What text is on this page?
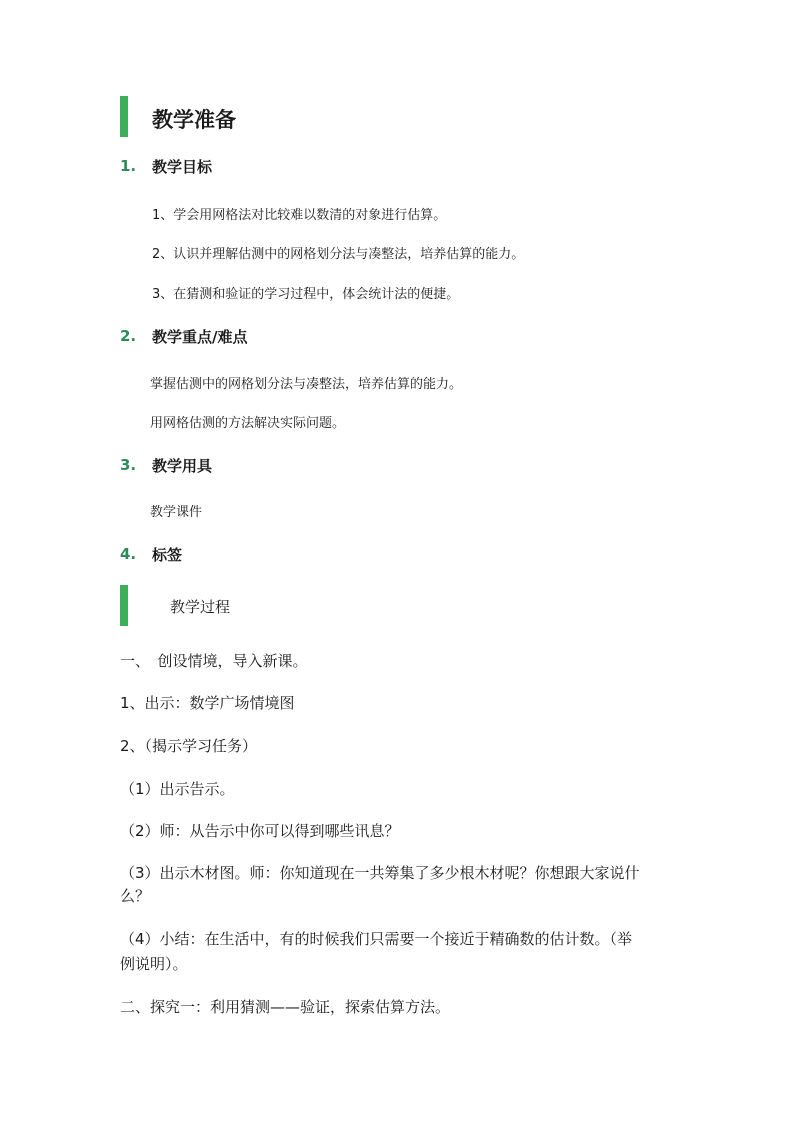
教学准备
1. 教学目标
1、学会用网格法对比较难以数清的对象进行估算。
2、认识并理解估测中的网格划分法与凑整法，培养估算的能力。
3、在猜测和验证的学习过程中，体会统计法的便捷。
2. 教学重点/难点
掌握估测中的网格划分法与凑整法，培养估算的能力。
用网格估测的方法解决实际问题。
3. 教学用具
教学课件
4. 标签
教学过程
一、　创设情境，导入新课。
1、出示：数学广场情境图
2、（揭示学习任务）
（1）出示告示。
（2）师：从告示中你可以得到哪些讯息？
（3）出示木材图。师：你知道现在一共筹集了多少根木材呢？你想跟大家说什
么？
（4）小结：在生活中，有的时候我们只需要一个接近于精确数的估计数。（举
例说明）。
二、探究一：利用猜测——验证，探索估算方法。
